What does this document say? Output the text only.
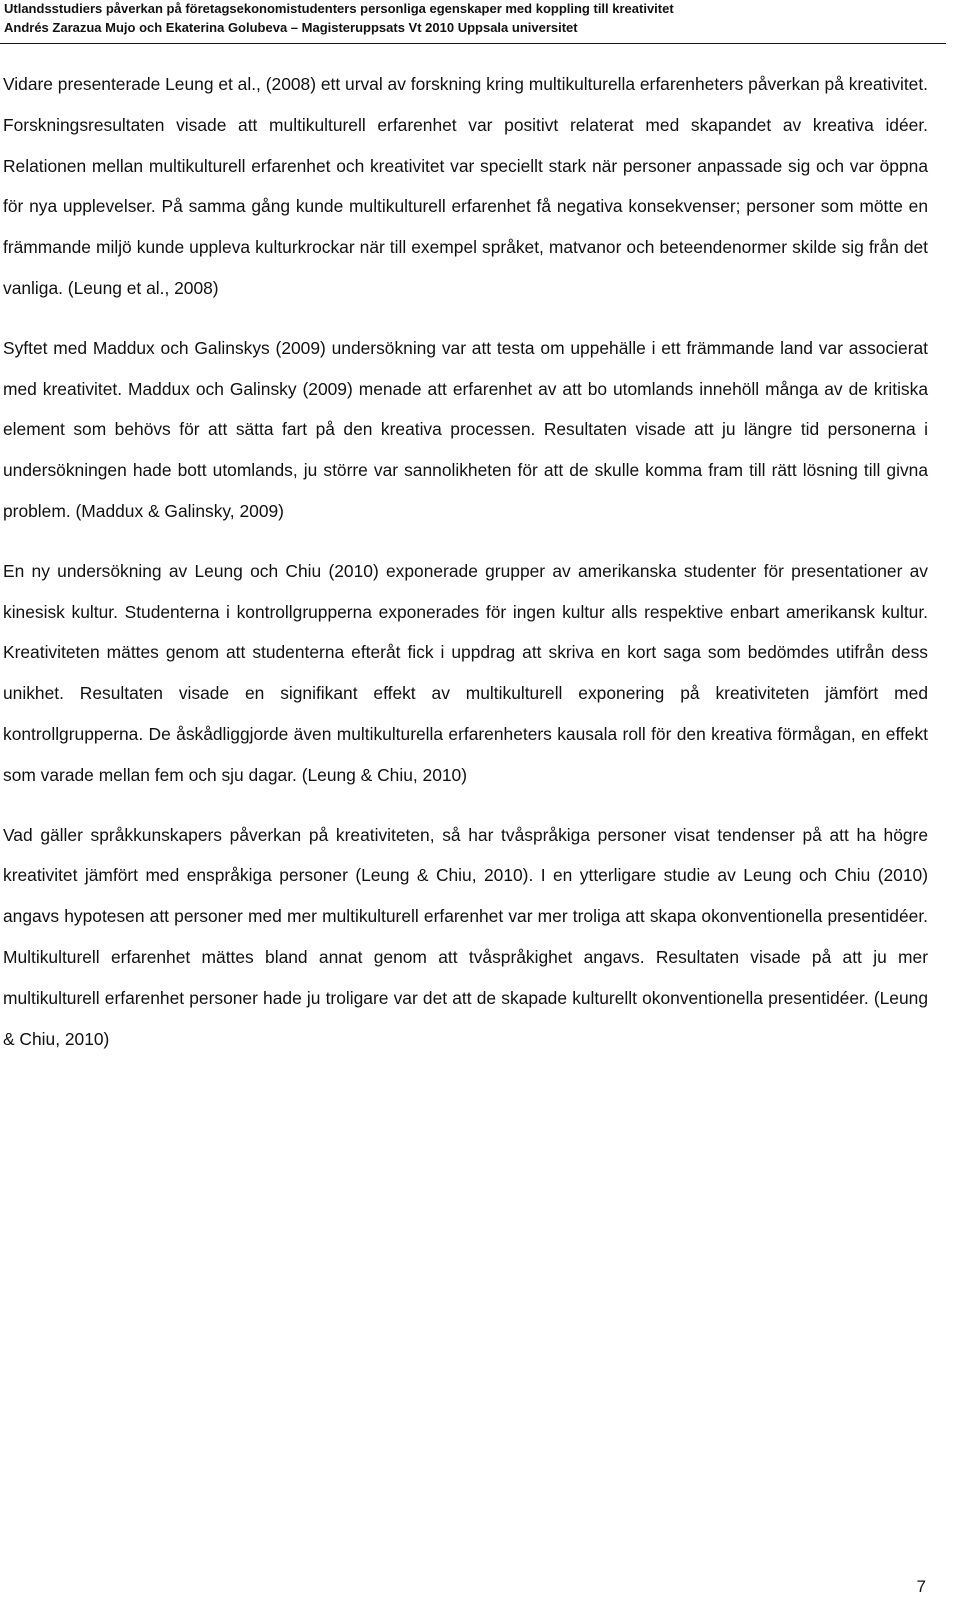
Utlandsstudiers påverkan på företagsekonomistudenters personliga egenskaper med koppling till kreativitet
Andrés Zarazua Mujo och Ekaterina Golubeva – Magisteruppsats Vt 2010 Uppsala universitet

Vidare presenterade Leung et al., (2008) ett urval av forskning kring multikulturella erfarenheters påverkan på kreativitet. Forskningsresultaten visade att multikulturell erfarenhet var positivt relaterat med skapandet av kreativa idéer. Relationen mellan multikulturell erfarenhet och kreativitet var speciellt stark när personer anpassade sig och var öppna för nya upplevelser. På samma gång kunde multikulturell erfarenhet få negativa konsekvenser; personer som mötte en främmande miljö kunde uppleva kulturkrockar när till exempel språket, matvanor och beteendenormer skilde sig från det vanliga. (Leung et al., 2008)

Syftet med Maddux och Galinskys (2009) undersökning var att testa om uppehälle i ett främmande land var associerat med kreativitet. Maddux och Galinsky (2009) menade att erfarenhet av att bo utomlands innehöll många av de kritiska element som behövs för att sätta fart på den kreativa processen. Resultaten visade att ju längre tid personerna i undersökningen hade bott utomlands, ju större var sannolikheten för att de skulle komma fram till rätt lösning till givna problem. (Maddux & Galinsky, 2009)

En ny undersökning av Leung och Chiu (2010) exponerade grupper av amerikanska studenter för presentationer av kinesisk kultur. Studenterna i kontrollgrupperna exponerades för ingen kultur alls respektive enbart amerikansk kultur. Kreativiteten mättes genom att studenterna efteråt fick i uppdrag att skriva en kort saga som bedömdes utifrån dess unikhet. Resultaten visade en signifikant effekt av multikulturell exponering på kreativiteten jämfört med kontrollgrupperna. De åskådliggjorde även multikulturella erfarenheters kausala roll för den kreativa förmågan, en effekt som varade mellan fem och sju dagar. (Leung & Chiu, 2010)

Vad gäller språkkunskapers påverkan på kreativiteten, så har tvåspråkiga personer visat tendenser på att ha högre kreativitet jämfört med enspråkiga personer (Leung & Chiu, 2010). I en ytterligare studie av Leung och Chiu (2010) angavs hypotesen att personer med mer multikulturell erfarenhet var mer troliga att skapa okonventionella presentidéer. Multikulturell erfarenhet mättes bland annat genom att tvåspråkighet angavs. Resultaten visade på att ju mer multikulturell erfarenhet personer hade ju troligare var det att de skapade kulturellt okonventionella presentidéer. (Leung & Chiu, 2010)

7
